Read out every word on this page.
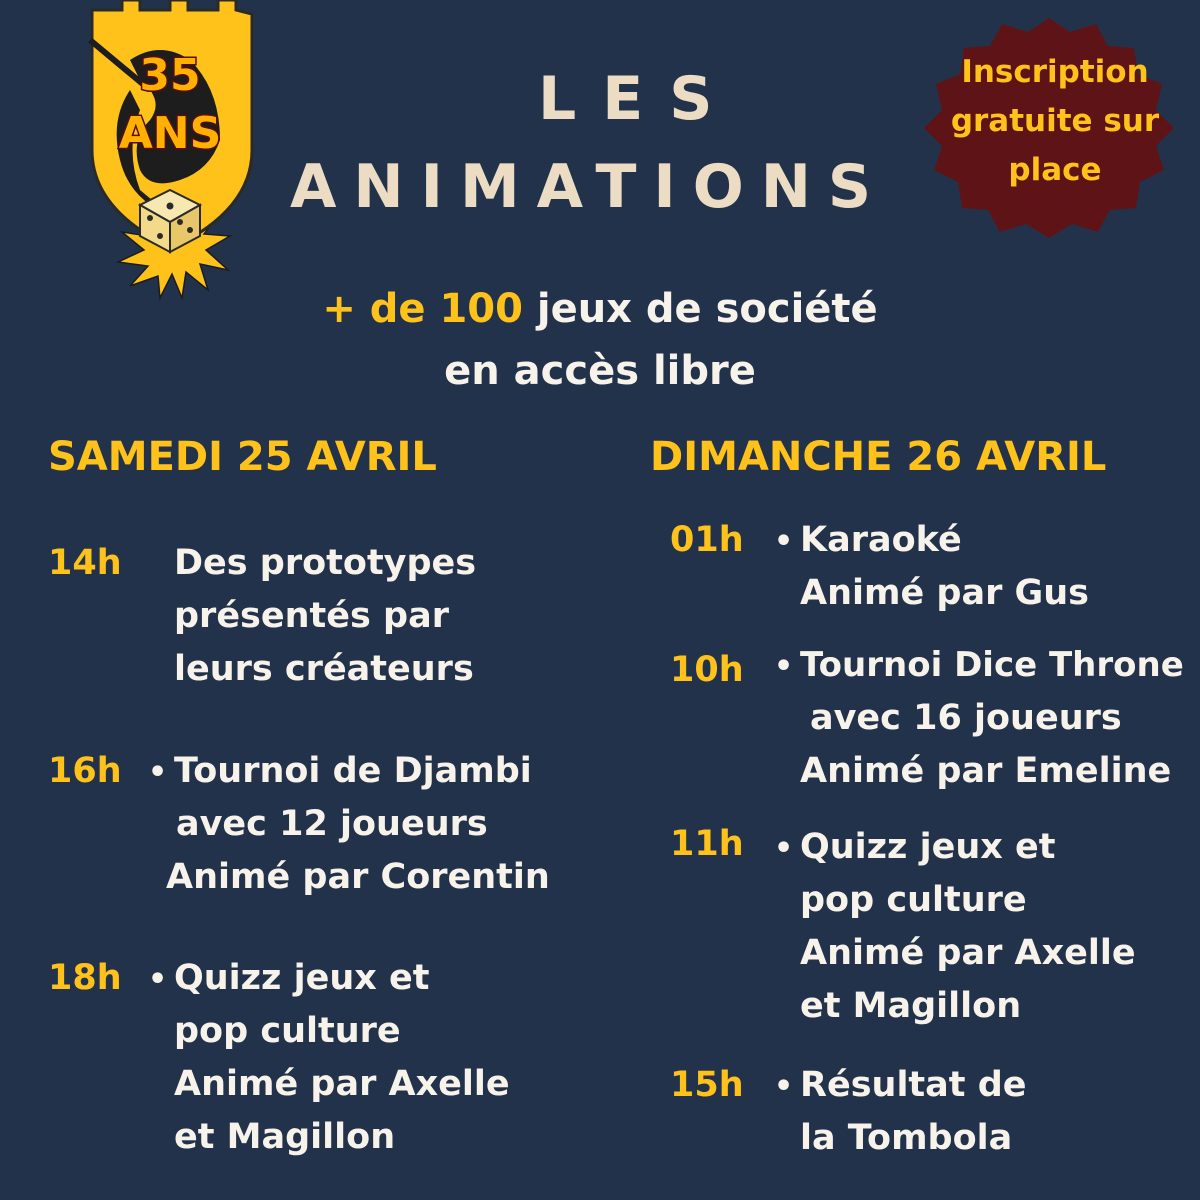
35
ANS	LES
ANIMATIONS
Inscription
gratuite sur
place
+ de 100 jeux de société
en accès libre
SAMEDI 25 AVRIL	DIMANCHE 26 AVRIL
14h Des prototypes
présentés par
leurs créateurs
16h • Tournoi de Djambi
avec 12 joueurs
Animé par Corentin
18h • Quizz jeux et
pop culture
Animé par Axelle
et Magillon
01h • Karaoké
Animé par Gus
10h • Tournoi Dice Throne
avec 16 joueurs
Animé par Emeline
11h • Quizz jeux et
pop culture
Animé par Axelle
et Magillon
15h • Résultat de
la Tombola
